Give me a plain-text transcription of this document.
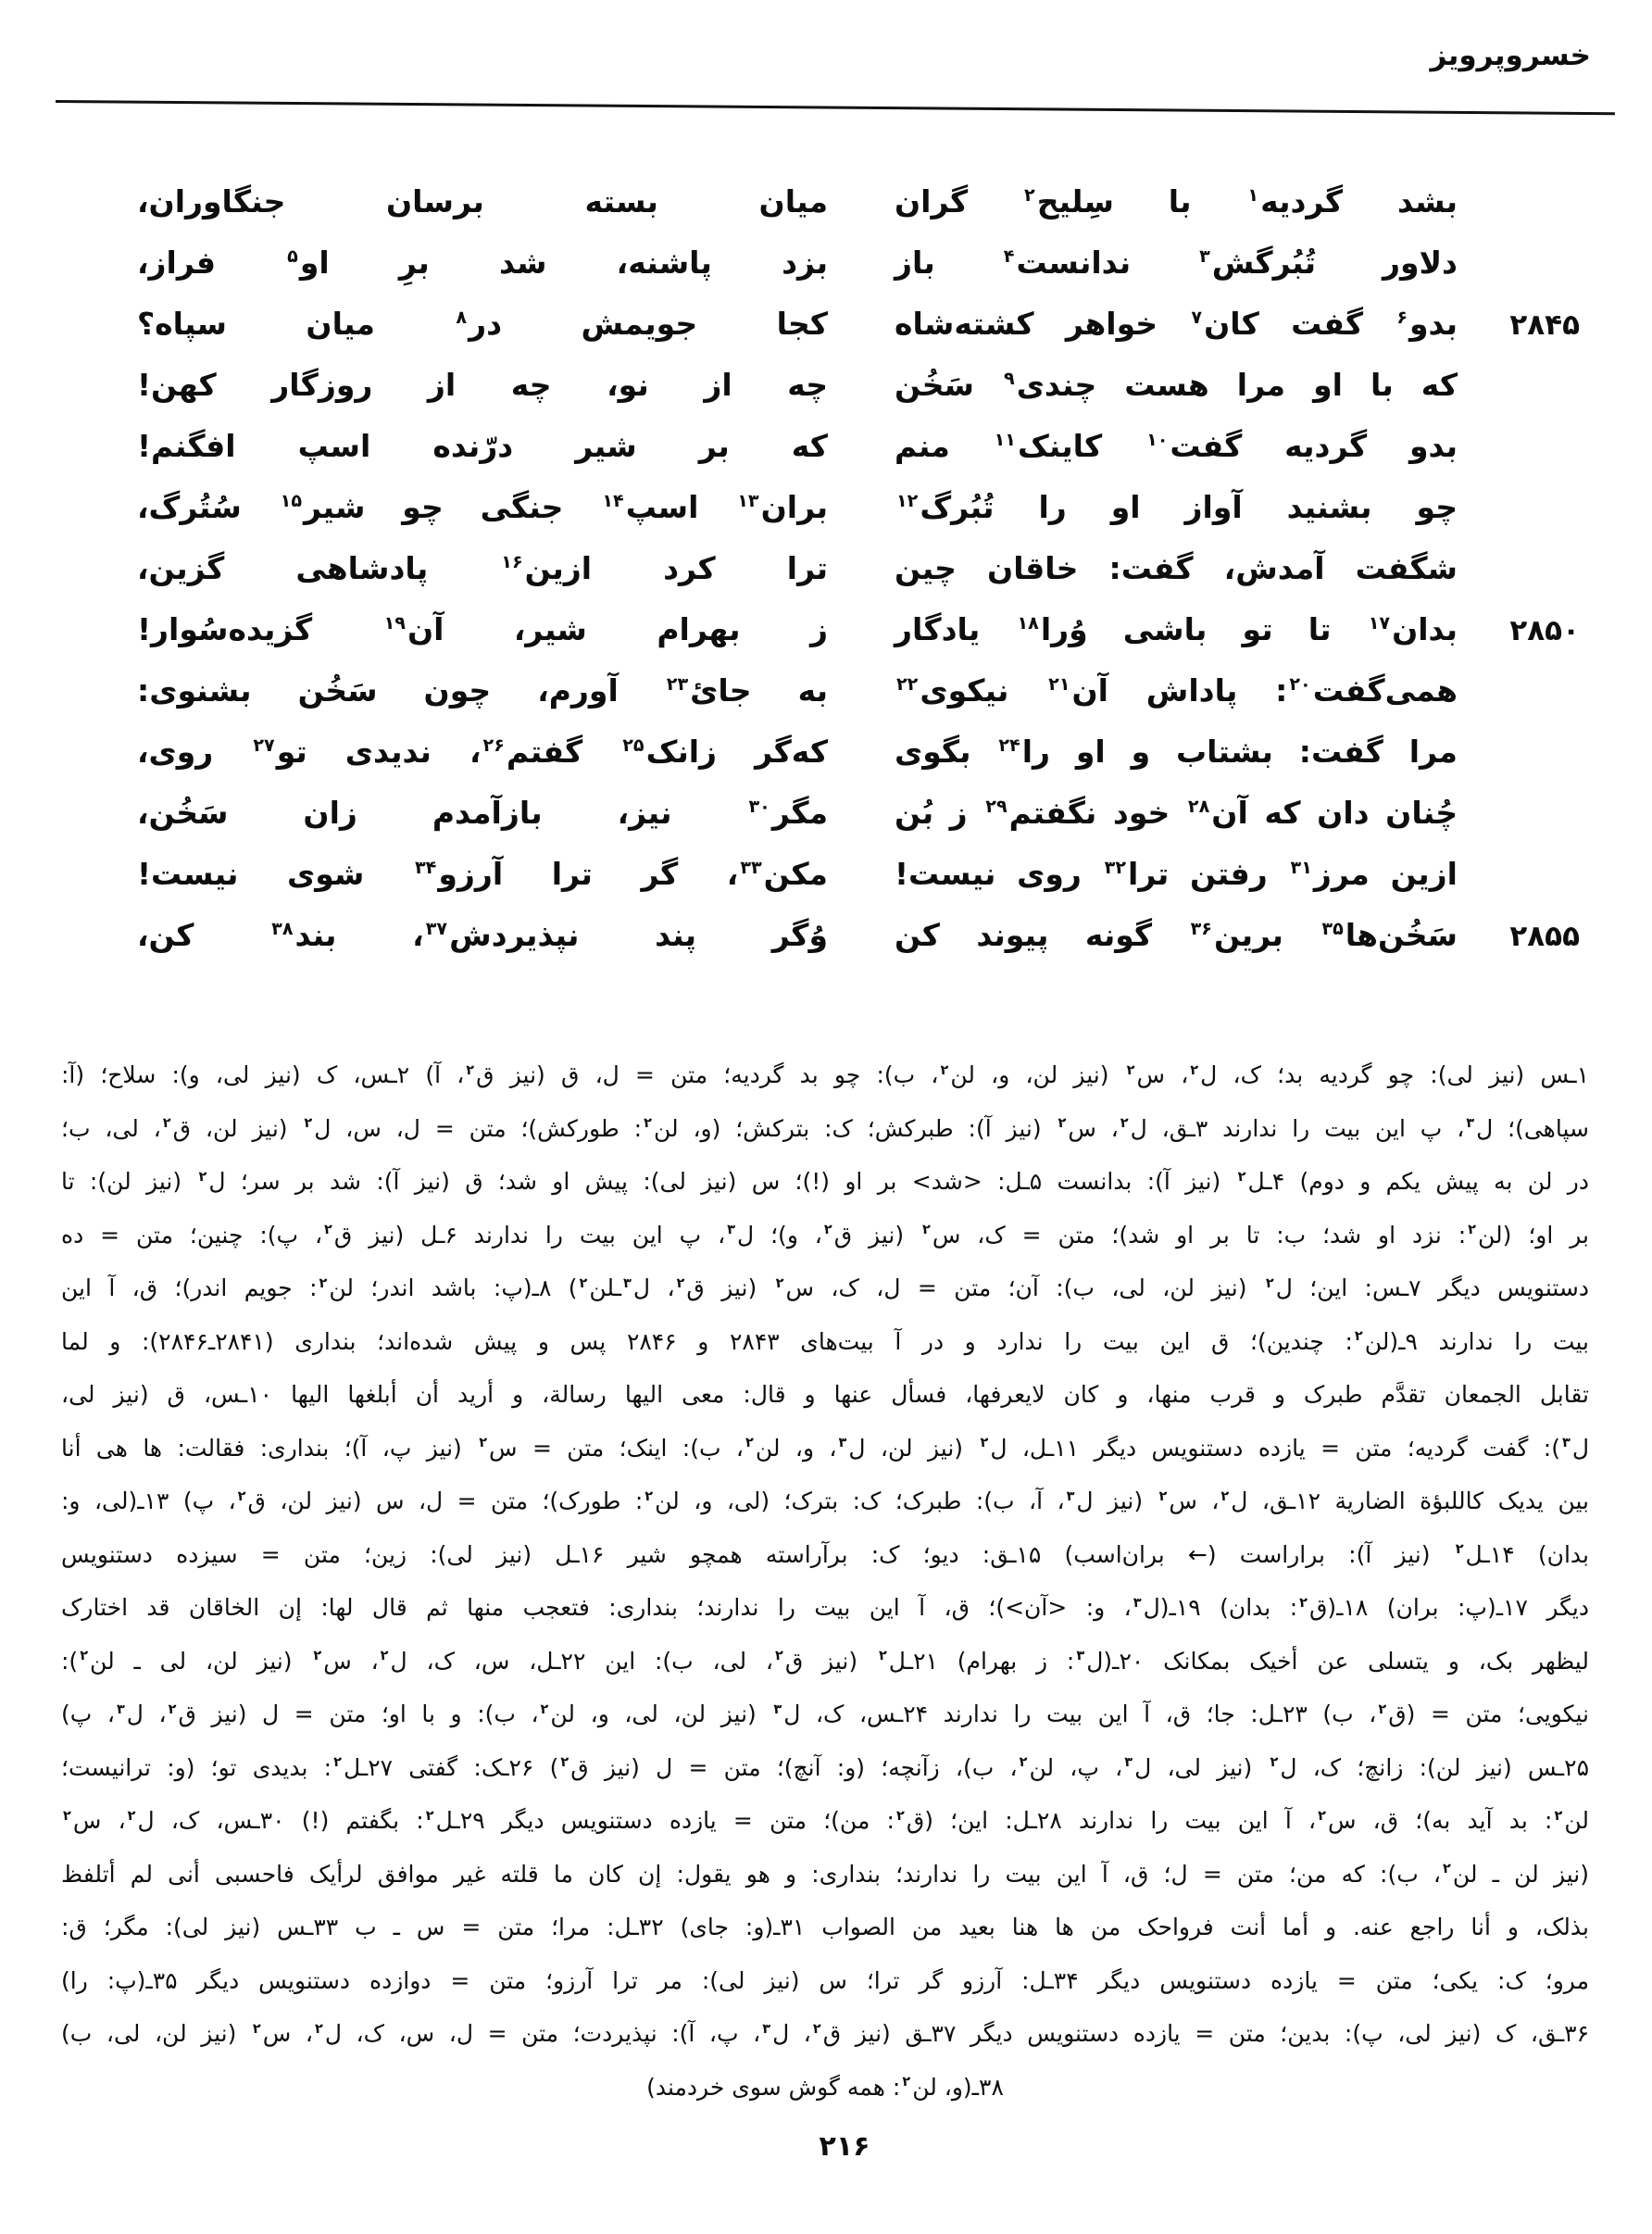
خسروپرویز
بشد گردیه$^۱$ با سِلیح$^۲$ گران
میان بسته برسان جنگاوران،
دلاور تُبُرگش$^۳$ ندانست$^۴$ باز
بزد پاشنه، شد برِ او$^۵$ فراز،
۲۸۴۵
بدو$^۶$ گفت کان$^۷$ خواهر کشته‌شاه
کجا جویمش در$^۸$ میان سپاه؟
که با او مرا هست چندی$^۹$ سَخُن
چه از نو، چه از روزگار کهن!
بدو گردیه گفت$^{۱۰}$ کاینک$^{۱۱}$ منم
که بر شیر درّنده اسپ افگنم!
چو بشنید آواز او را تُبُرگ$^{۱۲}$
بران$^{۱۳}$ اسپ$^{۱۴}$ جنگی چو شیر$^{۱۵}$ سُتُرگ،
شگفت آمدش، گفت: خاقان چین
ترا کرد ازین$^{۱۶}$ پادشاهی گزین،
۲۸۵۰
بدان$^{۱۷}$ تا تو باشی وُرا$^{۱۸}$ یادگار
ز بهرام شیر، آن$^{۱۹}$ گزیده‌سُوار!
همی‌گفت$^{۲۰}$: پاداش آن$^{۲۱}$ نیکوی$^{۲۲}$
به جایٔ$^{۲۳}$ آورم، چون سَخُن بشنوی:
مرا گفت: بشتاب و او را$^{۲۴}$ بگوی
که‌گر زانک$^{۲۵}$ گفتم$^{۲۶}$، ندیدی تو$^{۲۷}$ روی،
چُنان دان که آن$^{۲۸}$ خود نگفتم$^{۲۹}$ ز بُن
مگر$^{۳۰}$ نیز، بازآمدم زان سَخُن،
ازین مرز$^{۳۱}$ رفتن ترا$^{۳۲}$ روی نیست!
مکن$^{۳۳}$، گر ترا آرزو$^{۳۴}$ شوی نیست!
۲۸۵۵
سَخُن‌ها$^{۳۵}$ برین$^{۳۶}$ گونه پیوند کن
وُگر پند نپذیردش$^{۳۷}$، بند$^{۳۸}$ کن،
۱ـس (نیز لی): چو گردیه بد؛ ک، ل$^۲$، س$^۲$ (نیز لن، و، لن$^۲$، ب): چو بد گردیه؛ متن = ل، ق (نیز ق$^۲$، آ) ۲ـس، ک (نیز لی، و): سلاح؛ (آ:
سپاهی)؛ ل$^۳$، پ این بیت را ندارند ۳ـق، ل$^۲$، س$^۲$ (نیز آ): طبرکش؛ ک: بترکش؛ (و، لن$^۲$: طورکش)؛ متن = ل، س، ل$^۲$ (نیز لن، ق$^۲$، لی، ب؛
در لن به پیش یکم و دوم) ۴ـل$^۲$ (نیز آ): بدانست ۵ـل: <شد> بر او (!)؛ س (نیز لی): پیش او شد؛ ق (نیز آ): شد بر سر؛ ل$^۲$ (نیز لن): تا
بر او؛ (لن$^۲$: نزد او شد؛ ب: تا بر او شد)؛ متن = ک، س$^۲$ (نیز ق$^۲$، و)؛ ل$^۳$، پ این بیت را ندارند ۶ـل (نیز ق$^۲$، پ): چنین؛ متن = ده
دستنویس دیگر ۷ـس: این؛ ل$^۲$ (نیز لن، لی، ب): آن؛ متن = ل، ک، س$^۲$ (نیز ق$^۲$، ل$^۳$ـلن$^۲$) ۸ـ(پ: باشد اندر؛ لن$^۲$: جویم اندر)؛ ق، آ این
بیت را ندارند ۹ـ(لن$^۲$: چندین)؛ ق این بیت را ندارد و در آ بیت‌های ۲۸۴۳ و ۲۸۴۶ پس و پیش شده‌اند؛ بنداری (۲۸۴۱ـ۲۸۴۶): و لما
تقابل الجمعان تقدَّم طبرک و قرب منها، و کان لایعرفها، فسأل عنها و قال: معی الیها رسالة، و أرید أن أبلغها الیها ۱۰ـس، ق (نیز لی،
ل$^۳$): گفت گردیه؛ متن = یازده دستنویس دیگر ۱۱ـل، ل$^۲$ (نیز لن، ل$^۳$، و، لن$^۲$، ب): اینک؛ متن = س$^۲$ (نیز پ، آ)؛ بنداری: فقالت: ها هی أنا
بین یدیک کاللبؤة الضاریة ۱۲ـق، ل$^۲$، س$^۲$ (نیز ل$^۳$، آ، ب): طبرک؛ ک: بترک؛ (لی، و، لن$^۲$: طورک)؛ متن = ل، س (نیز لن، ق$^۲$، پ) ۱۳ـ(لی، و:
بدان) ۱۴ـل$^۲$ (نیز آ): براراست (← بران‌اسب) ۱۵ـق: دیو؛ ک: برآراسته همچو شیر ۱۶ـل (نیز لی): زین؛ متن = سیزده دستنویس
دیگر ۱۷ـ(پ: بران) ۱۸ـ(ق$^۲$: بدان) ۱۹ـ(ل$^۳$، و: <آن>)؛ ق، آ این بیت را ندارند؛ بنداری: فتعجب منها ثم قال لها: إن الخاقان قد اختارک
لیظهر بک، و یتسلی عن أخیک بمکانک ۲۰ـ(ل$^۳$: ز بهرام) ۲۱ـل$^۲$ (نیز ق$^۲$، لی، ب): این ۲۲ـل، س، ک، ل$^۲$، س$^۲$ (نیز لن، لی ـ لن$^۲$):
نیکویی؛ متن = (ق$^۲$، ب) ۲۳ـل: جا؛ ق، آ این بیت را ندارند ۲۴ـس، ک، ل$^۳$ (نیز لن، لی، و، لن$^۲$، ب): و با او؛ متن = ل (نیز ق$^۲$، ل$^۳$، پ)
۲۵ـس (نیز لن): زانچ؛ ک، ل$^۲$ (نیز لی، ل$^۳$، پ، لن$^۲$، ب)، زآنچه؛ (و: آنچ)؛ متن = ل (نیز ق$^۲$) ۲۶ـک: گفتی ۲۷ـل$^۲$: بدیدی تو؛ (و: ترانیست؛
لن$^۲$: بد آید به)؛ ق، س$^۲$، آ این بیت را ندارند ۲۸ـل: این؛ (ق$^۲$: من)؛ متن = یازده دستنویس دیگر ۲۹ـل$^۲$: بگفتم (!) ۳۰ـس، ک، ل$^۲$، س$^۲$
(نیز لن ـ لن$^۲$، ب): که من؛ متن = ل؛ ق، آ این بیت را ندارند؛ بنداری: و هو یقول: إن کان ما قلته غیر موافق لرأیک فاحسبی أنی لم أتلفظ
بذلک، و أنا راجع عنه. و أما أنت فرواحک من ها هنا بعید من الصواب ۳۱ـ(و: جای) ۳۲ـل: مرا؛ متن = س ـ ب ۳۳ـس (نیز لی): مگر؛ ق:
مرو؛ ک: یکی؛ متن = یازده دستنویس دیگر ۳۴ـل: آرزو گر ترا؛ س (نیز لی): مر ترا آرزو؛ متن = دوازده دستنویس دیگر ۳۵ـ(پ: را)
۳۶ـق، ک (نیز لی، پ): بدین؛ متن = یازده دستنویس دیگر ۳۷ـق (نیز ق$^۲$، ل$^۳$، پ، آ): نپذیردت؛ متن = ل، س، ک، ل$^۲$، س$^۲$ (نیز لن، لی، ب)
۳۸ـ(و، لن$^۲$: همه گوش سوی خردمند)
۲۱۶
